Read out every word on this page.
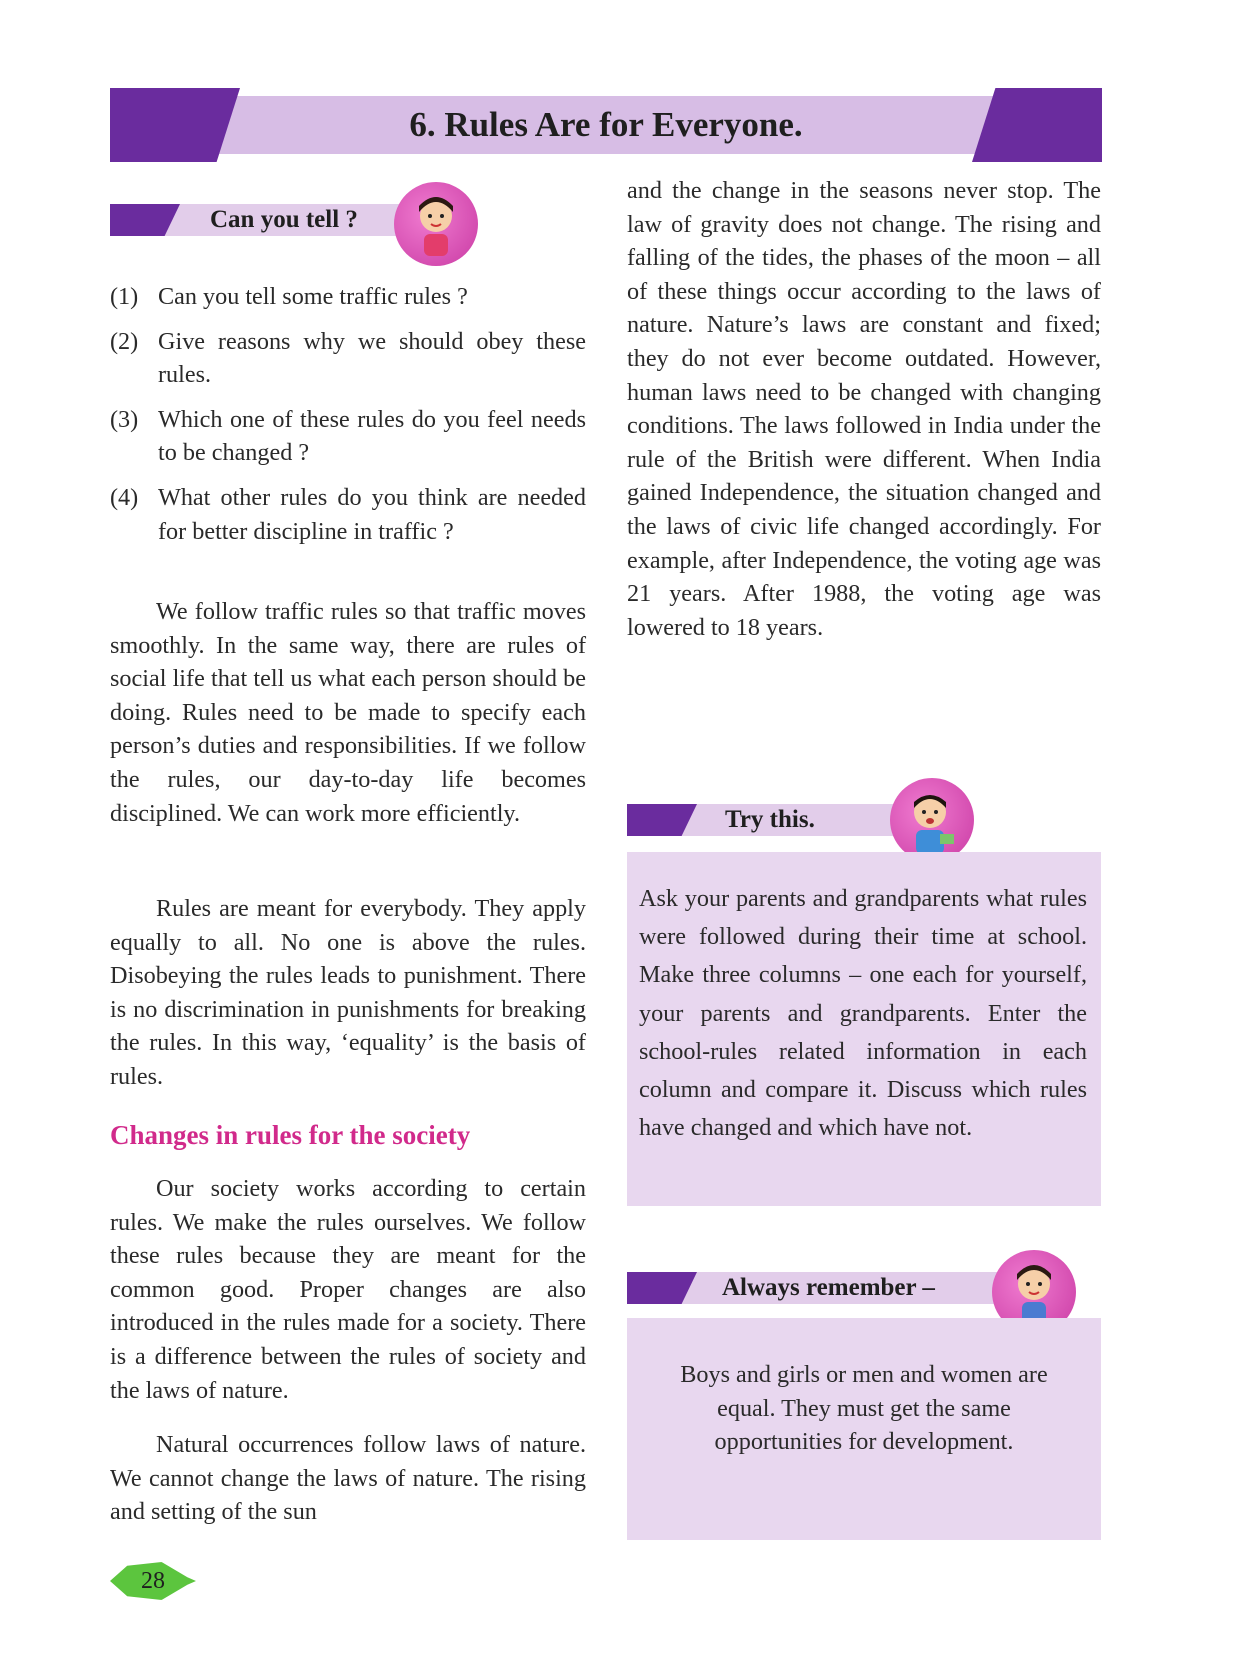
6. Rules Are for Everyone.
Can you tell ?
(1) Can you tell some traffic rules ?
(2) Give reasons why we should obey these rules.
(3) Which one of these rules do you feel needs to be changed ?
(4) What other rules do you think are needed for better discipline in traffic ?

We follow traffic rules so that traffic moves smoothly. In the same way, there are rules of social life that tell us what each person should be doing. Rules need to be made to specify each person’s duties and responsibilities. If we follow the rules, our day-to-day life becomes disciplined. We can work more efficiently.

Rules are meant for everybody. They apply equally to all. No one is above the rules. Disobeying the rules leads to punishment. There is no discrimination in punishments for breaking the rules. In this way, ‘equality’ is the basis of rules.

Changes in rules for the society

Our society works according to certain rules. We make the rules ourselves. We follow these rules because they are meant for the common good. Proper changes are also introduced in the rules made for a society. There is a difference between the rules of society and the laws of nature.

Natural occurrences follow laws of nature. We cannot change the laws of nature. The rising and setting of the sun

and the change in the seasons never stop. The law of gravity does not change. The rising and falling of the tides, the phases of the moon – all of these things occur according to the laws of nature. Nature’s laws are constant and fixed; they do not ever become outdated. However, human laws need to be changed with changing conditions. The laws followed in India under the rule of the British were different. When India gained Independence, the situation changed and the laws of civic life changed accordingly. For example, after Independence, the voting age was 21 years. After 1988, the voting age was lowered to 18 years.

Try this.

Ask your parents and grandparents what rules were followed during their time at school. Make three columns – one each for yourself, your parents and grandparents. Enter the school-rules related information in each column and compare it. Discuss which rules have changed and which have not.

Always remember –

Boys and girls or men and women are equal. They must get the same opportunities for development.

28
